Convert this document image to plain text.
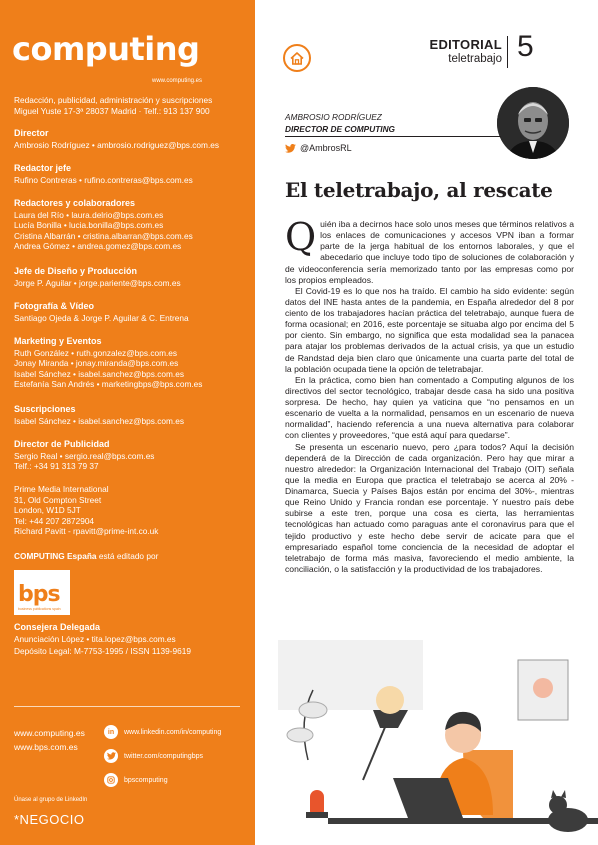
computing
www.computing.es
Redacción, publicidad, administración y suscripciones
Miguel Yuste 17-3ª 28037 Madrid · Telf.: 913 137 900
Director
Ambrosio Rodríguez • ambrosio.rodriguez@bps.com.es
Redactor jefe
Rufino Contreras • rufino.contreras@bps.com.es
Redactores y colaboradores
Laura del Río • laura.delrio@bps.com.es
Lucía Bonilla • lucia.bonilla@bps.com.es
Cristina Albarrán • cristina.albarran@bps.com.es
Andrea Gómez • andrea.gomez@bps.com.es
Jefe de Diseño y Producción
Jorge P. Aguilar • jorge.pariente@bps.com.es
Fotografía & Vídeo
Santiago Ojeda & Jorge P. Aguilar & C. Entrena
Marketing y Eventos
Ruth González • ruth.gonzalez@bps.com.es
Jonay Miranda • jonay.miranda@bps.com.es
Isabel Sánchez • isabel.sanchez@bps.com.es
Estefanía San Andrés • marketingbps@bps.com.es
Suscripciones
Isabel Sánchez • isabel.sanchez@bps.com.es
Director de Publicidad
Sergio Real • sergio.real@bps.com.es
Telf.: +34 91 313 79 37
Prime Media International
31, Old Compton Street
London, W1D 5JT
Tel: +44 207 2872904
Richard Pavitt - rpavitt@prime-int.co.uk
COMPUTING España está editado por
bps
business publications spain
Consejera Delegada
Anunciación López • tita.lopez@bps.com.es
Depósito Legal: M-7753-1995 / ISSN 1139-9619
www.computing.es
www.bps.com.es
in	www.linkedin.com/in/computing
twitter.com/computingbps
bpscomputing
Únase al grupo de LinkedIn
*NEGOCIO
EDITORIAL
teletrabajo 5
AMBROSIO RODRÍGUEZ
DIRECTOR DE COMPUTING
@AmbrosRL
El teletrabajo, al rescate

Quién iba a decirnos hace solo unos meses que términos relativos a los enlaces de comunicaciones y accesos VPN iban a formar parte de la jerga habitual de los entornos laborales, y que el abecedario que incluye todo tipo de soluciones de colaboración y de videoconferencia sería memorizado tanto por las empresas como por los propios empleados.

El Covid-19 es lo que nos ha traído. El cambio ha sido evidente: según datos del INE hasta antes de la pandemia, en España alrededor del 8 por ciento de los trabajadores hacían práctica del teletrabajo, aunque fuera de forma ocasional; en 2016, este porcentaje se situaba algo por encima del 5 por ciento. Sin embargo, no significa que esta modalidad sea la panacea para atajar los problemas derivados de la actual crisis, ya que un estudio de Randstad deja bien claro que únicamente una cuarta parte del total de la población ocupada tiene la opción de teletrabajar.

En la práctica, como bien han comentado a Computing algunos de los directivos del sector tecnológico, trabajar desde casa ha sido una positiva sorpresa. De hecho, hay quien ya vaticina que “no pensamos en un escenario de vuelta a la normalidad, pensamos en un escenario de nueva normalidad”, haciendo referencia a una nueva alternativa para colaborar con clientes y proveedores, “que está aquí para quedarse”.

Se presenta un escenario nuevo, pero ¿para todos? Aquí la decisión dependerá de la Dirección de cada organización. Pero hay que mirar a nuestro alrededor: la Organización Internacional del Trabajo (OIT) señala que la media en Europa que practica el teletrabajo se acerca al 20% -Dinamarca, Suecia y Países Bajos están por encima del 30%-, mientras que Reino Unido y Francia rondan ese porcentaje. Y nuestro país debe subirse a este tren, porque una cosa es cierta, las herramientas tecnológicas han actuado como paraguas ante el coronavirus para que el tejido productivo y este hecho debe servir de acicate para que el empresariado español tome conciencia de la necesidad de adoptar el teletrabajo de forma más masiva, favoreciendo el medio ambiente, la conciliación, o la satisfacción y la productividad de los trabajadores.
